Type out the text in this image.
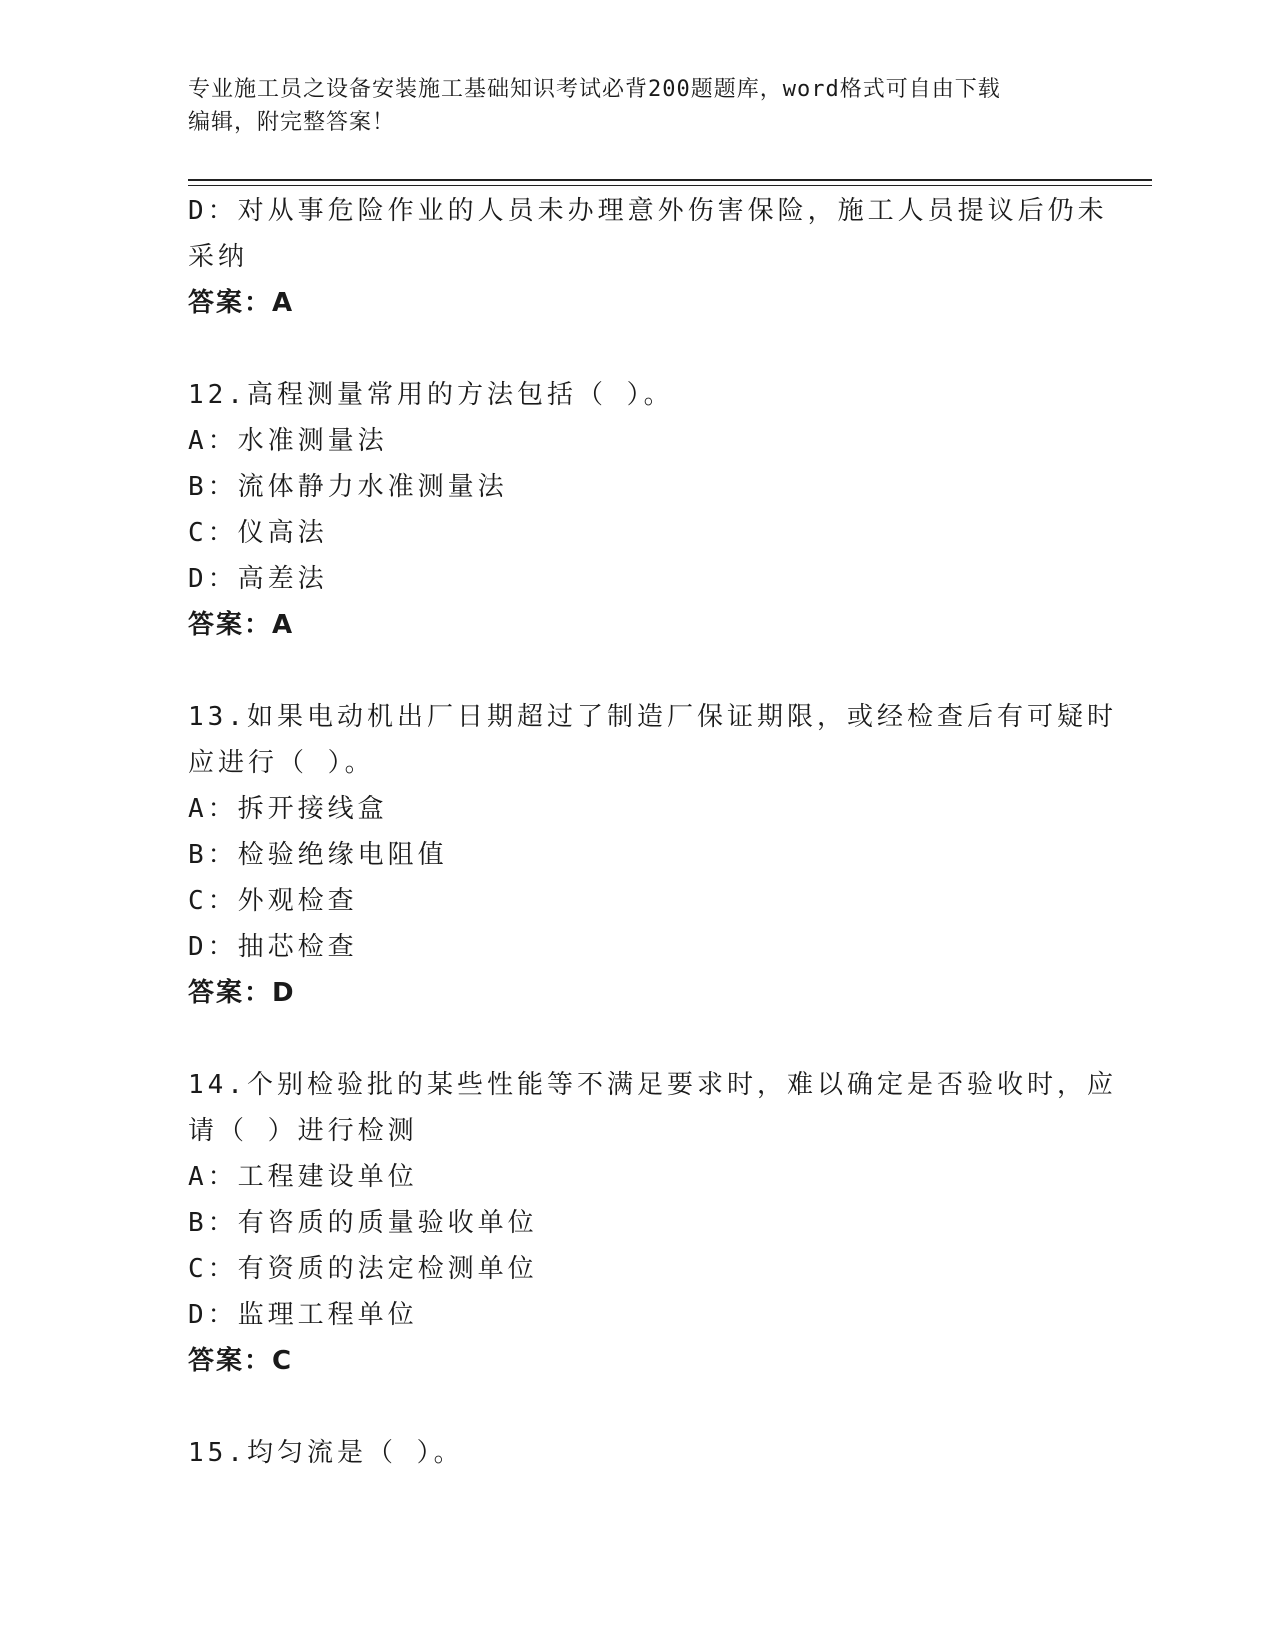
专业施工员之设备安装施工基础知识考试必背200题题库，word格式可自由下载
编辑，附完整答案！
D：对从事危险作业的人员未办理意外伤害保险，施工人员提议后仍未
采纳
答案：A
12.高程测量常用的方法包括（ ）。
A：水准测量法
B：流体静力水准测量法
C：仪高法
D：高差法
答案：A
13.如果电动机出厂日期超过了制造厂保证期限，或经检查后有可疑时
应进行（ ）。
A：拆开接线盒
B：检验绝缘电阻值
C：外观检查
D：抽芯检查
答案：D
14.个别检验批的某些性能等不满足要求时，难以确定是否验收时，应
请（ ）进行检测
A：工程建设单位
B：有咨质的质量验收单位
C：有资质的法定检测单位
D：监理工程单位
答案：C
15.均匀流是（ ）。
